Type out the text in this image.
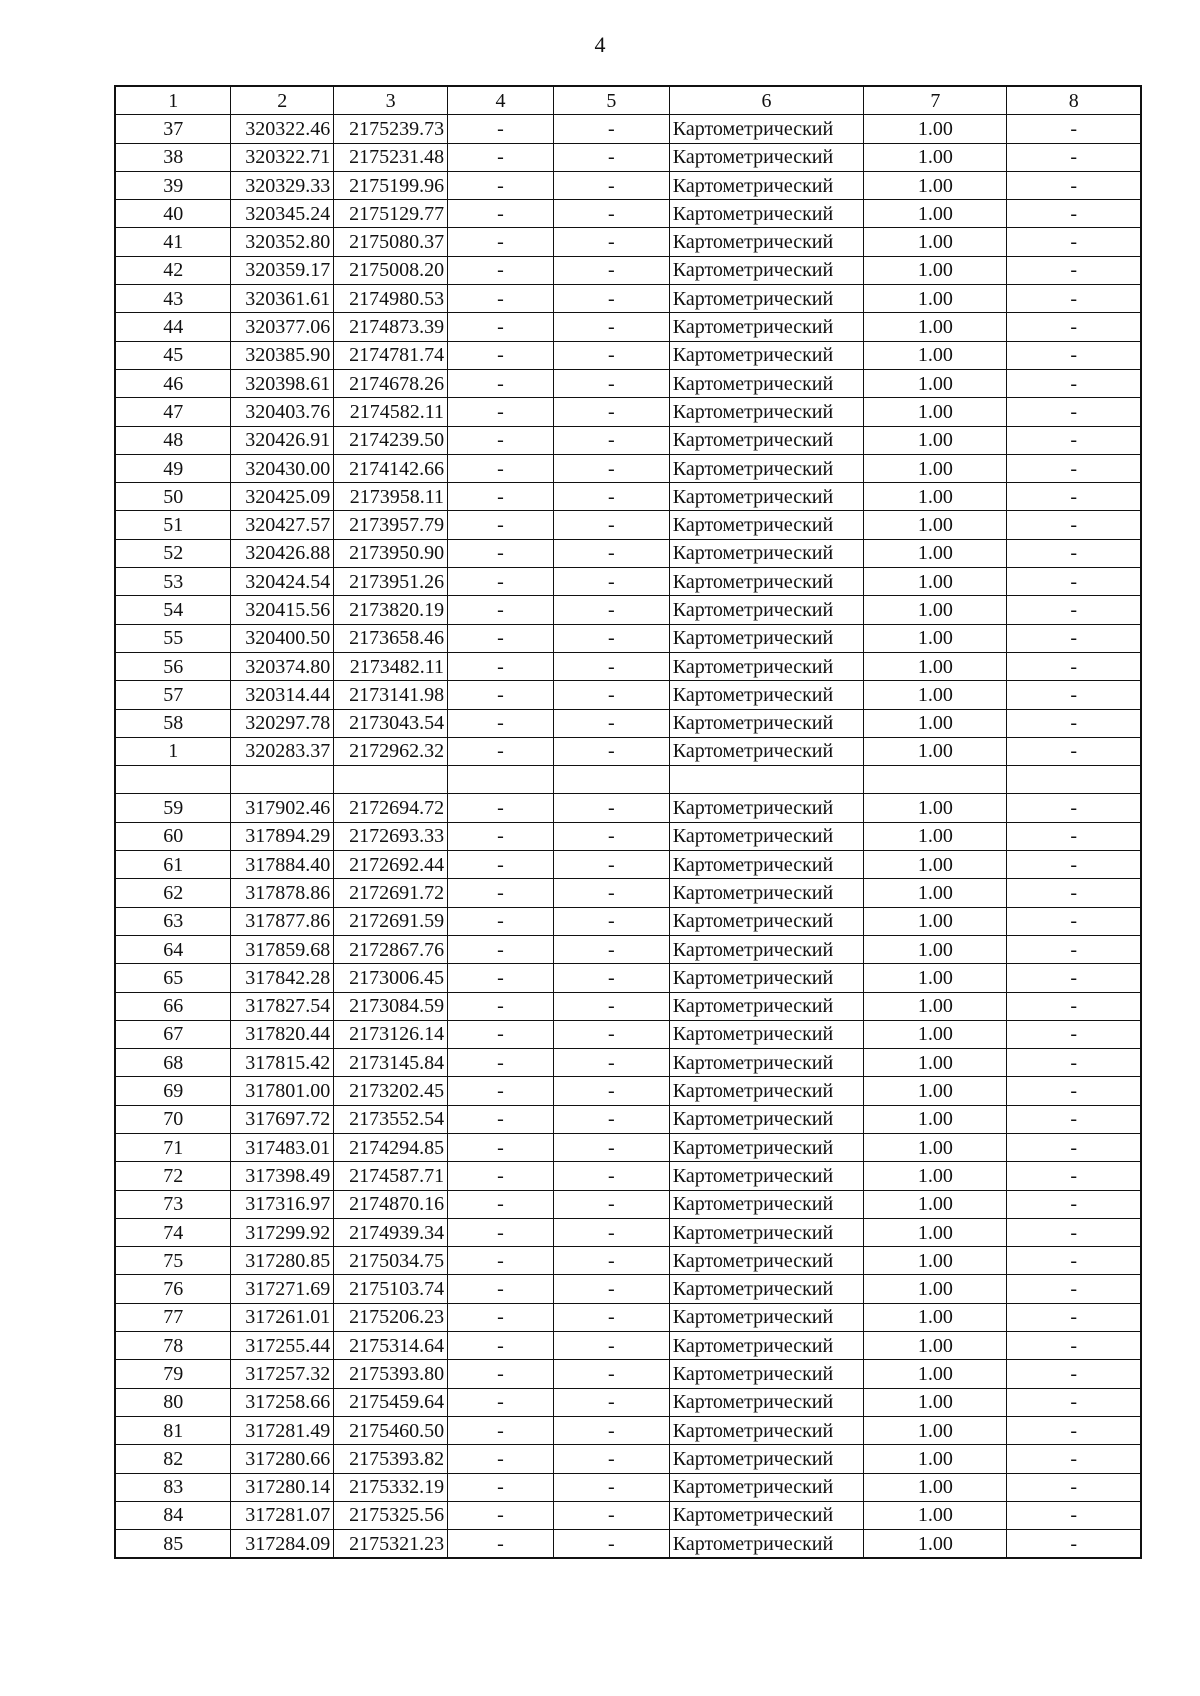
4
1	2	3	4	5	6	7	8
37	320322.46	2175239.73	-	-	Картометрический	1.00	-
38	320322.71	2175231.48	-	-	Картометрический	1.00	-
39	320329.33	2175199.96	-	-	Картометрический	1.00	-
40	320345.24	2175129.77	-	-	Картометрический	1.00	-
41	320352.80	2175080.37	-	-	Картометрический	1.00	-
42	320359.17	2175008.20	-	-	Картометрический	1.00	-
43	320361.61	2174980.53	-	-	Картометрический	1.00	-
44	320377.06	2174873.39	-	-	Картометрический	1.00	-
45	320385.90	2174781.74	-	-	Картометрический	1.00	-
46	320398.61	2174678.26	-	-	Картометрический	1.00	-
47	320403.76	2174582.11	-	-	Картометрический	1.00	-
48	320426.91	2174239.50	-	-	Картометрический	1.00	-
49	320430.00	2174142.66	-	-	Картометрический	1.00	-
50	320425.09	2173958.11	-	-	Картометрический	1.00	-
51	320427.57	2173957.79	-	-	Картометрический	1.00	-
52	320426.88	2173950.90	-	-	Картометрический	1.00	-
53	320424.54	2173951.26	-	-	Картометрический	1.00	-
54	320415.56	2173820.19	-	-	Картометрический	1.00	-
55	320400.50	2173658.46	-	-	Картометрический	1.00	-
56	320374.80	2173482.11	-	-	Картометрический	1.00	-
57	320314.44	2173141.98	-	-	Картометрический	1.00	-
58	320297.78	2173043.54	-	-	Картометрический	1.00	-
1	320283.37	2172962.32	-	-	Картометрический	1.00	-

59	317902.46	2172694.72	-	-	Картометрический	1.00	-
60	317894.29	2172693.33	-	-	Картометрический	1.00	-
61	317884.40	2172692.44	-	-	Картометрический	1.00	-
62	317878.86	2172691.72	-	-	Картометрический	1.00	-
63	317877.86	2172691.59	-	-	Картометрический	1.00	-
64	317859.68	2172867.76	-	-	Картометрический	1.00	-
65	317842.28	2173006.45	-	-	Картометрический	1.00	-
66	317827.54	2173084.59	-	-	Картометрический	1.00	-
67	317820.44	2173126.14	-	-	Картометрический	1.00	-
68	317815.42	2173145.84	-	-	Картометрический	1.00	-
69	317801.00	2173202.45	-	-	Картометрический	1.00	-
70	317697.72	2173552.54	-	-	Картометрический	1.00	-
71	317483.01	2174294.85	-	-	Картометрический	1.00	-
72	317398.49	2174587.71	-	-	Картометрический	1.00	-
73	317316.97	2174870.16	-	-	Картометрический	1.00	-
74	317299.92	2174939.34	-	-	Картометрический	1.00	-
75	317280.85	2175034.75	-	-	Картометрический	1.00	-
76	317271.69	2175103.74	-	-	Картометрический	1.00	-
77	317261.01	2175206.23	-	-	Картометрический	1.00	-
78	317255.44	2175314.64	-	-	Картометрический	1.00	-
79	317257.32	2175393.80	-	-	Картометрический	1.00	-
80	317258.66	2175459.64	-	-	Картометрический	1.00	-
81	317281.49	2175460.50	-	-	Картометрический	1.00	-
82	317280.66	2175393.82	-	-	Картометрический	1.00	-
83	317280.14	2175332.19	-	-	Картометрический	1.00	-
84	317281.07	2175325.56	-	-	Картометрический	1.00	-
85	317284.09	2175321.23	-	-	Картометрический	1.00	-
